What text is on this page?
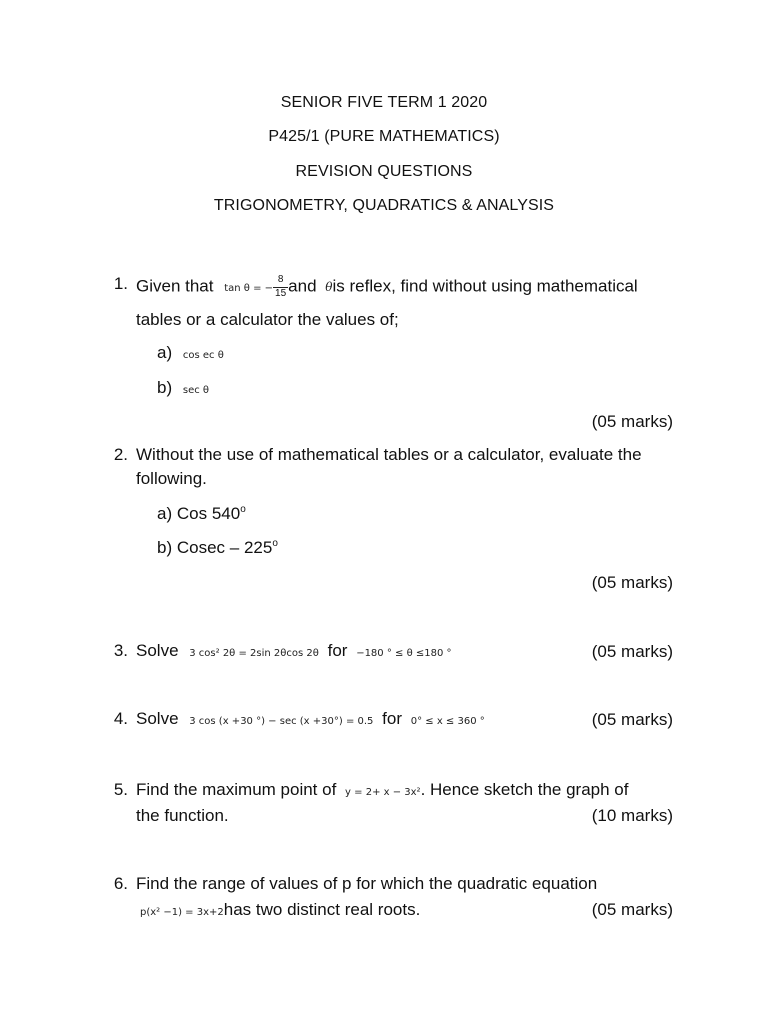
SENIOR FIVE TERM 1 2020
P425/1 (PURE MATHEMATICS)
REVISION QUESTIONS
TRIGONOMETRY, QUADRATICS & ANALYSIS
1. Given that tan θ = − $\frac{8}{15}$ and θis reflex, find without using mathematical
tables or a calculator the values of;
a) cos ec θ
b) sec θ
(05 marks)
2. Without the use of mathematical tables or a calculator, evaluate the
following.
a) Cos 540$^o$
b) Cosec – 225$^o$
(05 marks)
3. Solve 3 cos² 2θ = 2sin 2θcos 2θ for −180 ° ≤ θ ≤180 °	(05 marks)
4. Solve 3 cos (x +30 °) − sec (x +30°) = 0.5 for 0° ≤ x ≤ 360 °	(05 marks)
5. Find the maximum point of y = 2+ x − 3x². Hence sketch the graph of
the function.	(10 marks)
6. Find the range of values of p for which the quadratic equation
p(x² −1) = 3x+2has two distinct real roots.	(05 marks)
